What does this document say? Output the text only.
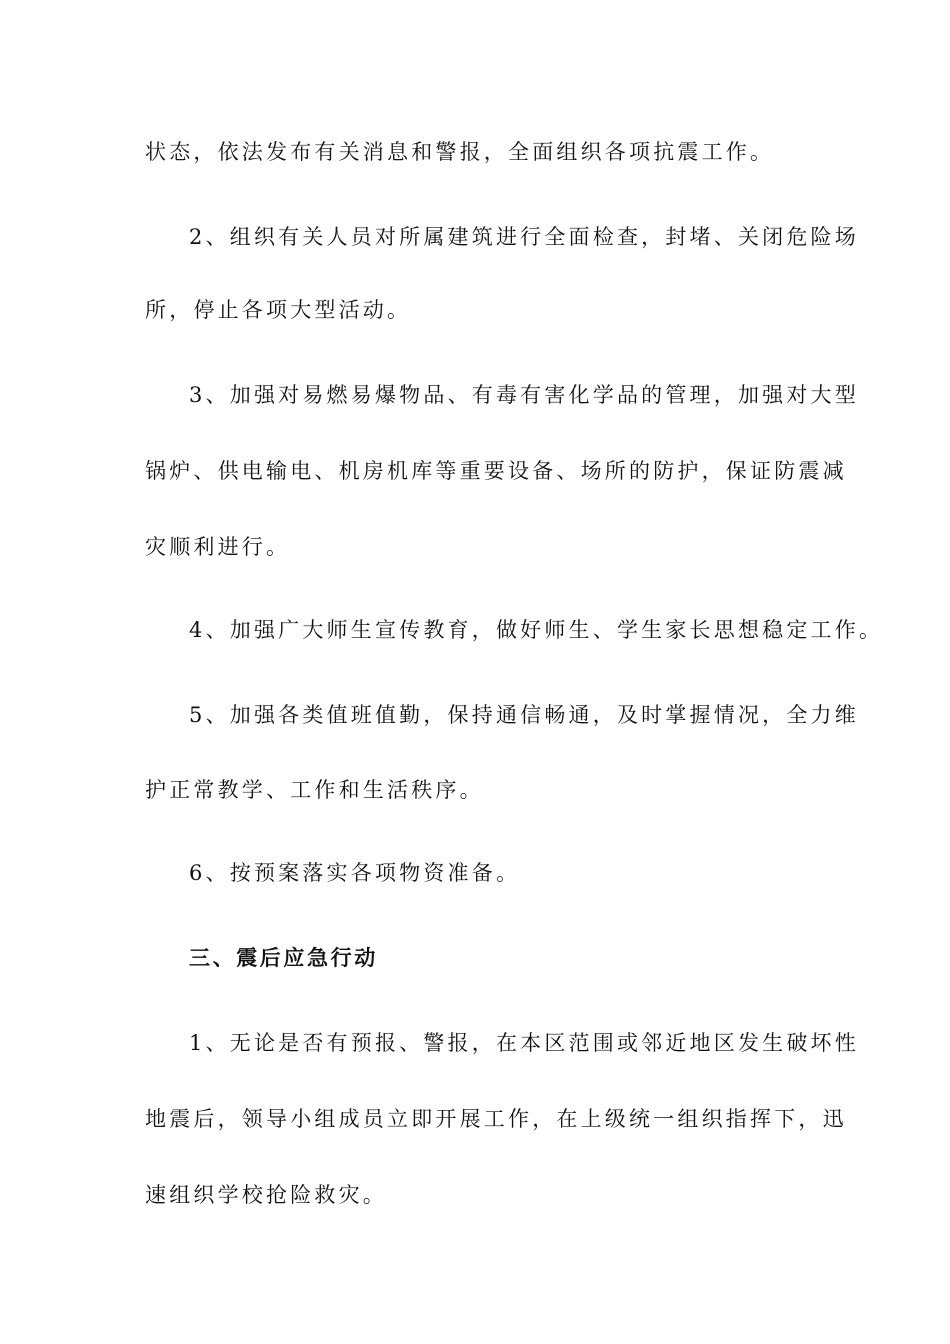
状态，依法发布有关消息和警报，全面组织各项抗震工作。
2、组织有关人员对所属建筑进行全面检查，封堵、关闭危险场
所，停止各项大型活动。
3、加强对易燃易爆物品、有毒有害化学品的管理，加强对大型
锅炉、供电输电、机房机库等重要设备、场所的防护，保证防震减
灾顺利进行。
4、加强广大师生宣传教育，做好师生、学生家长思想稳定工作。
5、加强各类值班值勤，保持通信畅通，及时掌握情况，全力维
护正常教学、工作和生活秩序。
6、按预案落实各项物资准备。
三、震后应急行动
1、无论是否有预报、警报，在本区范围或邻近地区发生破坏性
地震后，领导小组成员立即开展工作，在上级统一组织指挥下，迅
速组织学校抢险救灾。
